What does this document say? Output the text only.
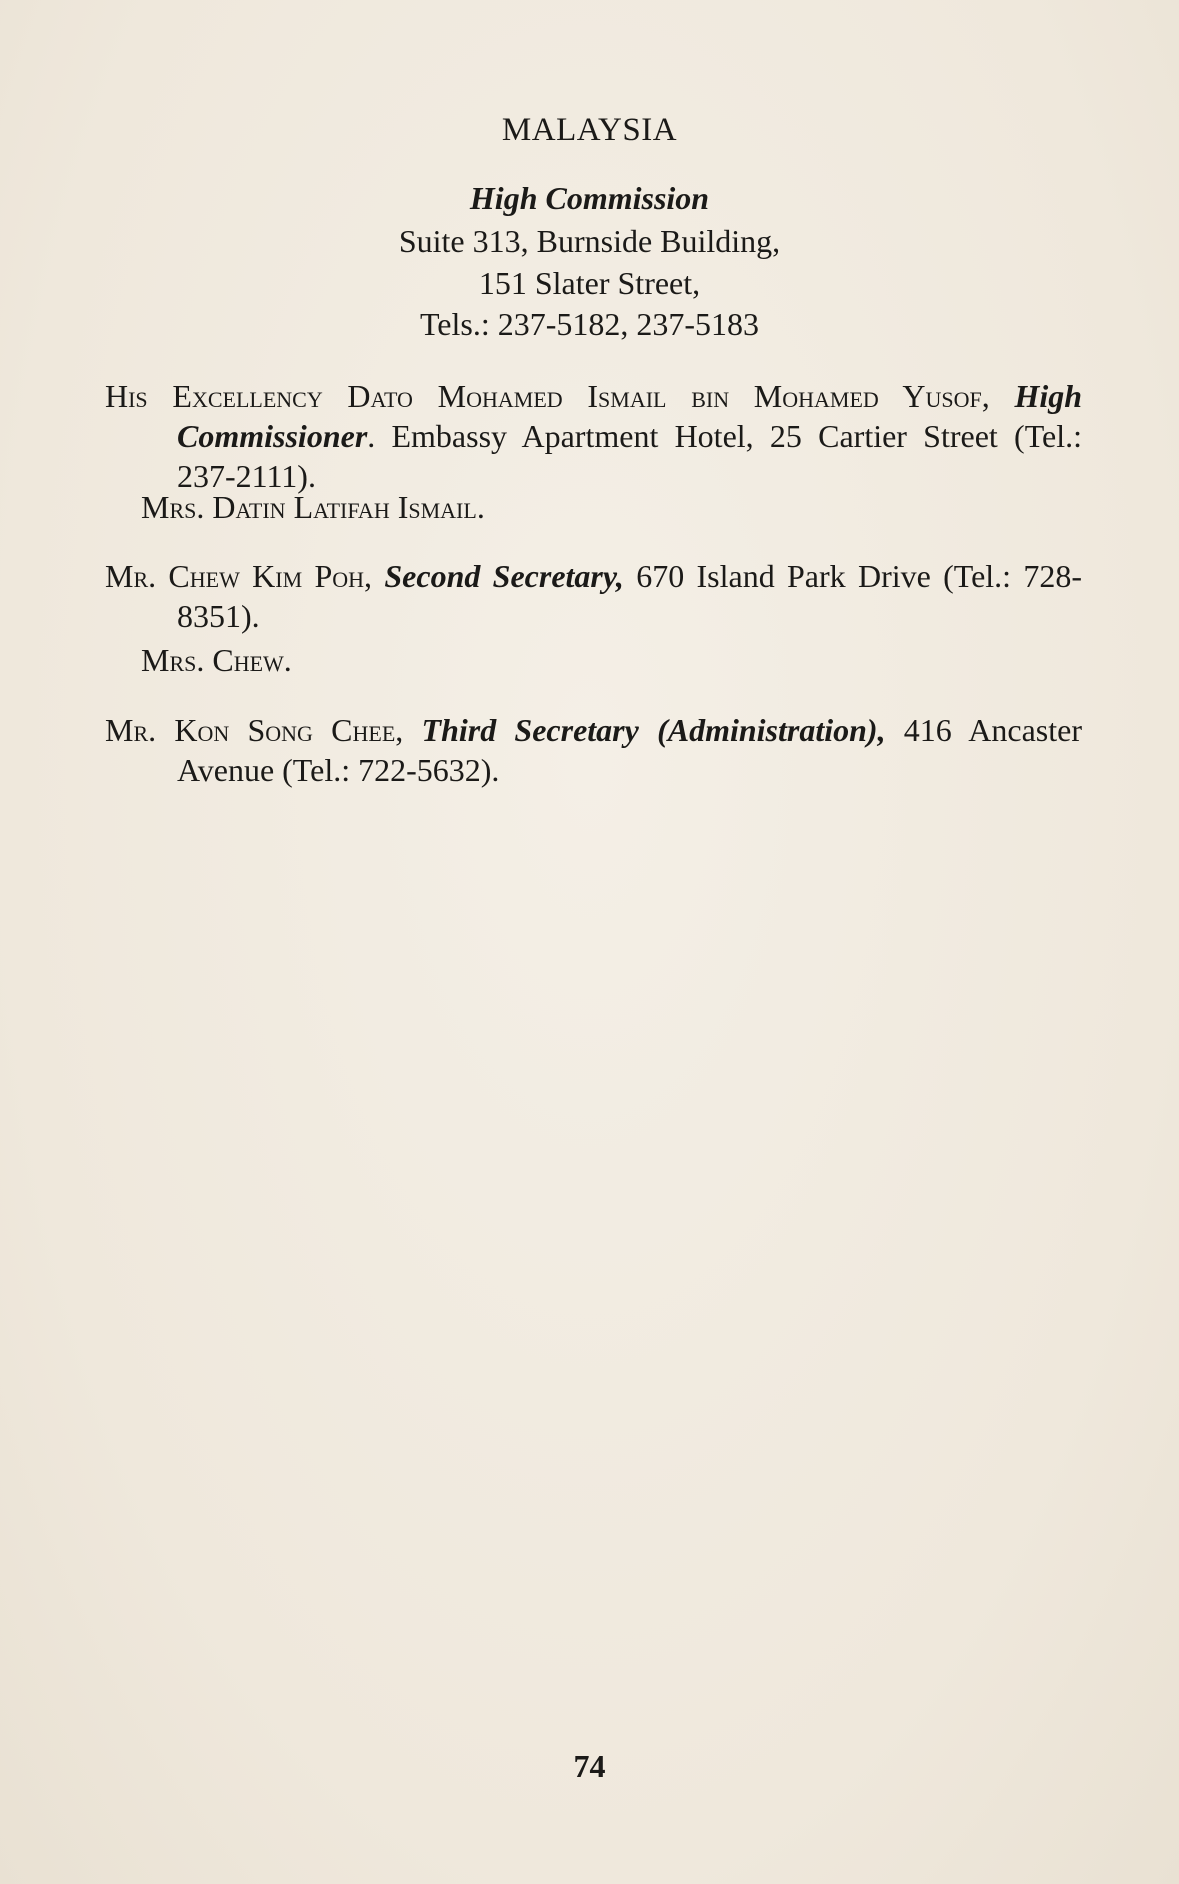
MALAYSIA
High Commission
Suite 313, Burnside Building,
151 Slater Street,
Tels.: 237-5182, 237-5183
His Excellency Dato Mohamed Ismail bin Mohamed Yusof, High Commissioner. Embassy Apartment Hotel, 25 Cartier Street (Tel.: 237-2111).
Mrs. Datin Latifah Ismail.
Mr. Chew Kim Poh, Second Secretary, 670 Island Park Drive (Tel.: 728-8351).
Mrs. Chew.
Mr. Kon Song Chee, Third Secretary (Administration), 416 Ancaster Avenue (Tel.: 722-5632).
74
